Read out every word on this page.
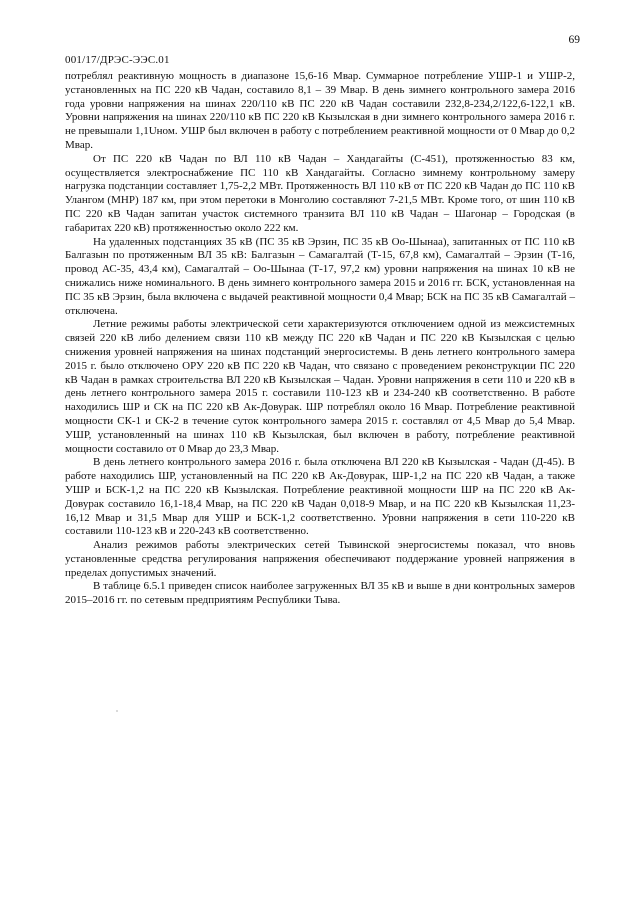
69
001/17/ДРЭС-ЭЭС.01

потреблял реактивную мощность в диапазоне 15,6-16 Мвар. Суммарное потребление УШР-1 и УШР-2, установленных на ПС 220 кВ Чадан, составило 8,1 – 39 Мвар. В день зимнего контрольного замера 2016 года уровни напряжения на шинах 220/110 кВ ПС 220 кВ Чадан составили 232,8-234,2/122,6-122,1 кВ. Уровни напряжения на шинах 220/110 кВ ПС 220 кВ Кызылская в дни зимнего контрольного замера 2016 г. не превышали 1,1Uном. УШР был включен в работу с потреблением реактивной мощности от 0 Мвар до 0,2 Мвар.

От ПС 220 кВ Чадан по ВЛ 110 кВ Чадан – Хандагайты (С-451), протяженностью 83 км, осуществляется электроснабжение ПС 110 кВ Хандагайты. Согласно зимнему контрольному замеру нагрузка подстанции составляет 1,75-2,2 МВт. Протяженность ВЛ 110 кВ от ПС 220 кВ Чадан до ПС 110 кВ Улангом (МНР) 187 км, при этом перетоки в Монголию составляют 7-21,5 МВт. Кроме того, от шин 110 кВ ПС 220 кВ Чадан запитан участок системного транзита ВЛ 110 кВ Чадан – Шагонар – Городская (в габаритах 220 кВ) протяженностью около 222 км.

На удаленных подстанциях 35 кВ (ПС 35 кВ Эрзин, ПС 35 кВ Оо-Шынаа), запитанных от ПС 110 кВ Балгазын по протяженным ВЛ 35 кВ: Балгазын – Самагалтай (Т-15, 67,8 км), Самагалтай – Эрзин (Т-16, провод АС-35, 43,4 км), Самагалтай – Оо-Шынаа (Т-17, 97,2 км) уровни напряжения на шинах 10 кВ не снижались ниже номинального. В день зимнего контрольного замера 2015 и 2016 гг. БСК, установленная на ПС 35 кВ Эрзин, была включена с выдачей реактивной мощности 0,4 Мвар; БСК на ПС 35 кВ Самагалтай – отключена.

Летние режимы работы электрической сети характеризуются отключением одной из межсистемных связей 220 кВ либо делением связи 110 кВ между ПС 220 кВ Чадан и ПС 220 кВ Кызылская с целью снижения уровней напряжения на шинах подстанций энергосистемы. В день летнего контрольного замера 2015 г. было отключено ОРУ 220 кВ ПС 220 кВ Чадан, что связано с проведением реконструкции ПС 220 кВ Чадан в рамках строительства ВЛ 220 кВ Кызылская – Чадан. Уровни напряжения в сети 110 и 220 кВ в день летнего контрольного замера 2015 г. составили 110-123 кВ и 234-240 кВ соответственно. В работе находились ШР и СК на ПС 220 кВ Ак-Довурак. ШР потреблял около 16 Мвар. Потребление реактивной мощности СК-1 и СК-2 в течение суток контрольного замера 2015 г. составлял от 4,5 Мвар до 5,4 Мвар. УШР, установленный на шинах 110 кВ Кызылская, был включен в работу, потребление реактивной мощности составило от 0 Мвар до 23,3 Мвар.

В день летнего контрольного замера 2016 г. была отключена ВЛ 220 кВ Кызылская - Чадан (Д-45). В работе находились ШР, установленный на ПС 220 кВ Ак-Довурак, ШР-1,2 на ПС 220 кВ Чадан, а также УШР и БСК-1,2 на ПС 220 кВ Кызылская. Потребление реактивной мощности ШР на ПС 220 кВ Ак-Довурак составило 16,1-18,4 Мвар, на ПС 220 кВ Чадан 0,018-9 Мвар, и на ПС 220 кВ Кызылская 11,23-16,12 Мвар и 31,5 Мвар для УШР и БСК-1,2 соответственно. Уровни напряжения в сети 110-220 кВ составили 110-123 кВ и 220-243 кВ соответственно.

Анализ режимов работы электрических сетей Тывинской энергосистемы показал, что вновь установленные средства регулирования напряжения обеспечивают поддержание уровней напряжения в пределах допустимых значений.

В таблице 6.5.1 приведен список наиболее загруженных ВЛ 35 кВ и выше в дни контрольных замеров 2015–2016 гг. по сетевым предприятиям Республики Тыва.
